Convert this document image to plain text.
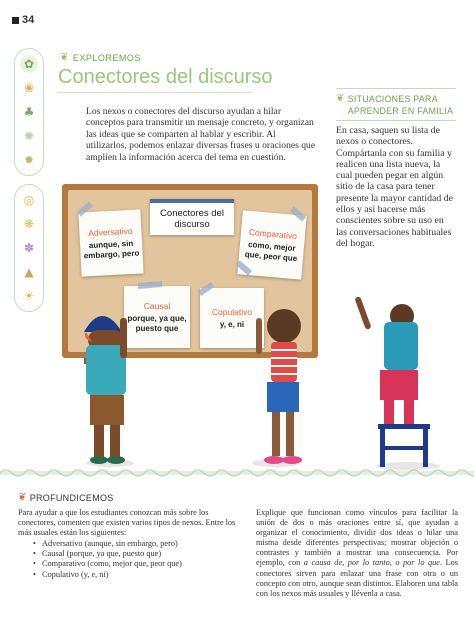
34
✿
❀
♣
✺
✹
◎
❋
✽
▲
☀
❦ EXPLOREMOS
Conectores del discurso

Los nexos o conectores del discurso ayudan a hilar conceptos para transmitir un mensaje concreto, y organizan las ideas que se comparten al hablar y escribir. Al utilizarlos, podemos enlazar diversas frases u oraciones que amplíen la información acerca del tema en cuestión.

❦ SITUACIONES PARA APRENDER EN FAMILIA

En casa, saquen su lista de nexos o conectores. Compártanla con su familia y realicen una lista nueva, la cual pueden pegar en algún sitio de la casa para tener presente la mayor cantidad de ellos y así hacerse más conscientes sobre su uso en las conversaciones habituales del hogar.

Conectores del discurso
Adversativo
aunque, sin embargo, pero
Comparativo
como, mejor que, peor que
Causal
porque, ya que, puesto que
Copulativo
y, e, ni
❦ PROFUNDICEMOS

Para ayudar a que los estudiantes conozcan más sobre los conectores, comenten que existen varios tipos de nexos. Entre los más usuales están los siguientes:

• Adversativo (aunque, sin embargo, pero)
• Causal (porque, ya que, puesto que)
• Comparativo (como, mejor que, peor que)
• Copulativo (y, e, ni)

Explique que funcionan como vínculos para facilitar la unión de dos o más oraciones entre sí, que ayudan a organizar el conocimiento, dividir dos ideas o hilar una misma desde diferentes perspectivas; mostrar objeción o contrastes y también a mostrar una consecuencia. Por ejemplo, con a causa de, por lo tanto, o por lo que. Los conectores sirven para enlazar una frase con otra o un concepto con otro, aunque sean distintos. Elaboren una tabla con los nexos más usuales y llévenla a casa.
